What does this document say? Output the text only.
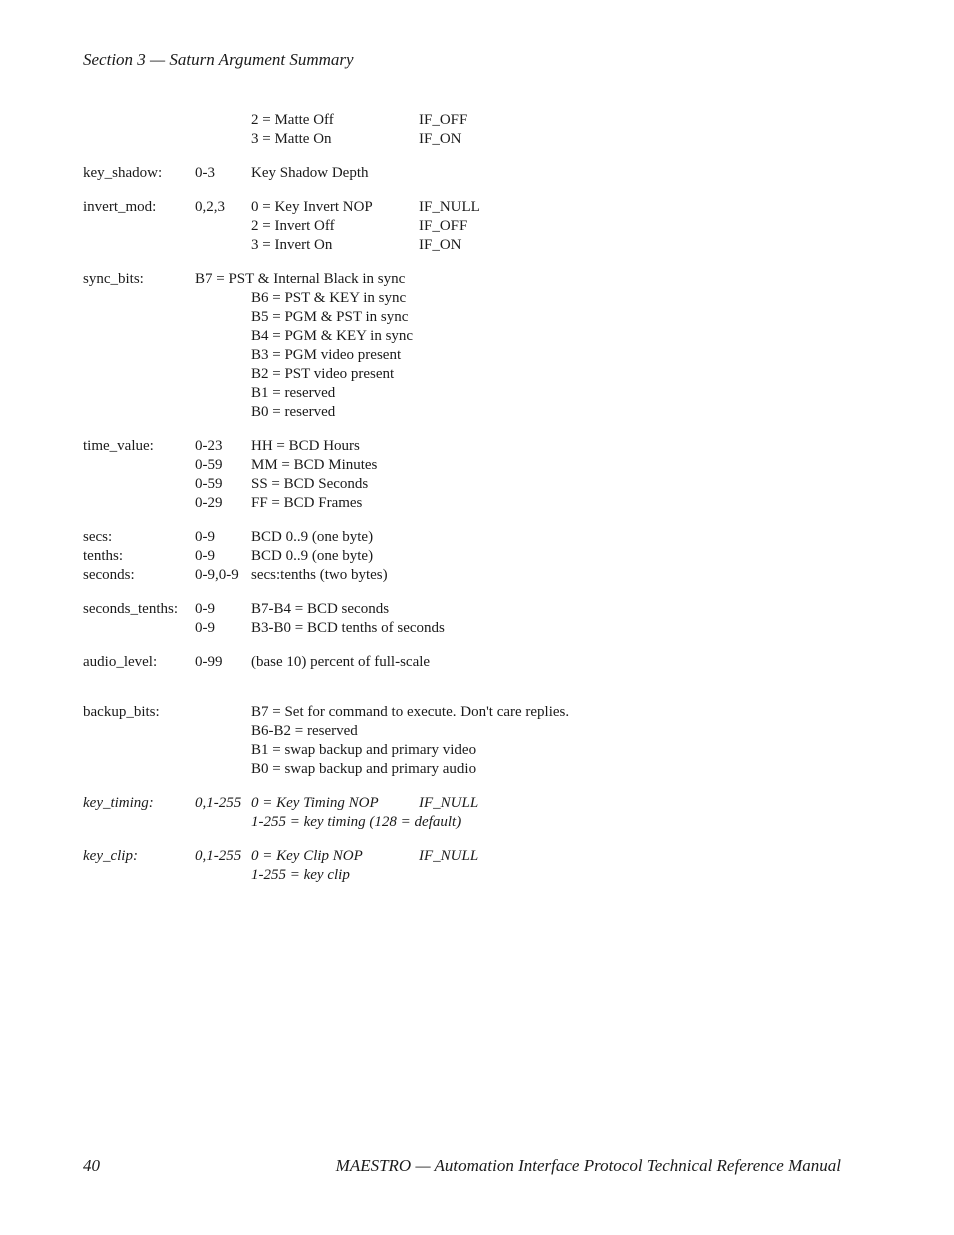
Section 3 — Saturn Argument Summary
2 = Matte Off	IF_OFF
3 = Matte On	IF_ON
key_shadow: 0-3 Key Shadow Depth
invert_mod:	0,2,3 0 = Key Invert NOP	IF_NULL
2 = Invert Off	IF_OFF
3 = Invert On	IF_ON
sync_bits:	B7 = PST & Internal Black in sync
B6 = PST & KEY in sync
B5 = PGM & PST in sync
B4 = PGM & KEY in sync
B3 = PGM video present
B2 = PST video present
B1 = reserved
B0 = reserved
time_value:	0-23 HH = BCD Hours
0-59 MM = BCD Minutes
0-59 SS = BCD Seconds
0-29 FF = BCD Frames
secs:	0-9 BCD 0..9 (one byte)
tenths:	0-9 BCD 0..9 (one byte)
seconds:	0-9,0-9 secs:tenths (two bytes)
seconds_tenths: 0-9 B7-B4 = BCD seconds
0-9 B3-B0 = BCD tenths of seconds
audio_level:	0-99 (base 10) percent of full-scale
backup_bits:	B7 = Set for command to execute. Don't care replies.
B6-B2 = reserved
B1 = swap backup and primary video
B0 = swap backup and primary audio
key_timing:	0,1-255 0 = Key Timing NOP	IF_NULL
1-255 = key timing (128 = default)
key_clip:	0,1-255 0 = Key Clip NOP	IF_NULL
1-255 = key clip
40	MAESTRO — Automation Interface Protocol Technical Reference Manual
